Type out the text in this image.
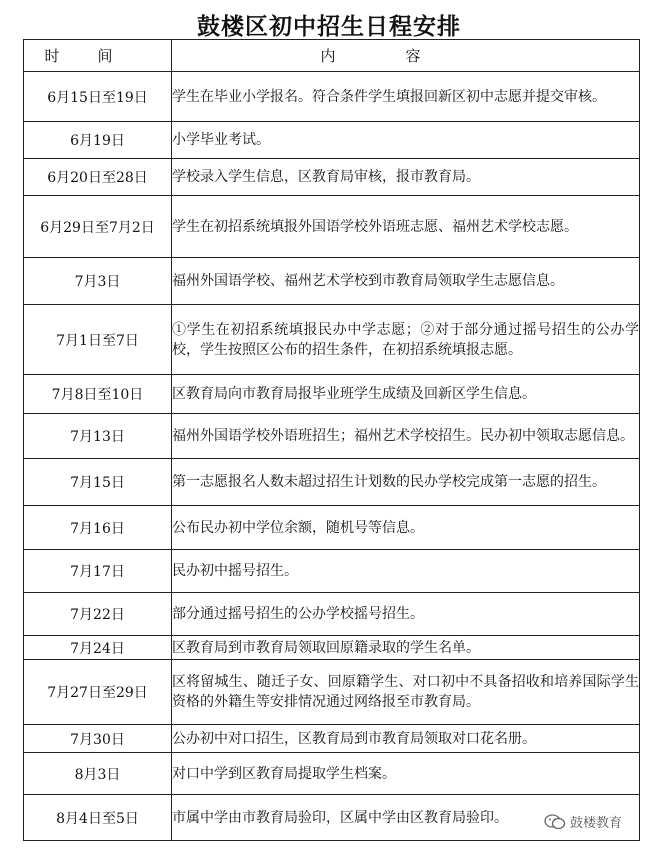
鼓楼区初中招生日程安排
时间	内容
6月15日至19日	学生在毕业小学报名。符合条件学生填报回新区初中志愿并提交审核。
6月19日	小学毕业考试。
6月20日至28日	学校录入学生信息，区教育局审核，报市教育局。
6月29日至7月2日	学生在初招系统填报外国语学校外语班志愿、福州艺术学校志愿。
7月3日	福州外国语学校、福州艺术学校到市教育局领取学生志愿信息。
7月1日至7日	①学生在初招系统填报民办中学志愿；②对于部分通过摇号招生的公办学校，学生按照区公布的招生条件，在初招系统填报志愿。
7月8日至10日	区教育局向市教育局报毕业班学生成绩及回新区学生信息。
7月13日	福州外国语学校外语班招生；福州艺术学校招生。民办初中领取志愿信息。
7月15日	第一志愿报名人数未超过招生计划数的民办学校完成第一志愿的招生。
7月16日	公布民办初中学位余额，随机号等信息。
7月17日	民办初中摇号招生。
7月22日	部分通过摇号招生的公办学校摇号招生。
7月24日	区教育局到市教育局领取回原籍录取的学生名单。
7月27日至29日	区将留城生、随迁子女、回原籍学生、对口初中不具备招收和培养国际学生资格的外籍生等安排情况通过网络报至市教育局。
7月30日	公办初中对口招生，区教育局到市教育局领取对口花名册。
8月3日	对口中学到区教育局提取学生档案。
8月4日至5日	市属中学由市教育局验印，区属中学由区教育局验印。	鼓楼教育
